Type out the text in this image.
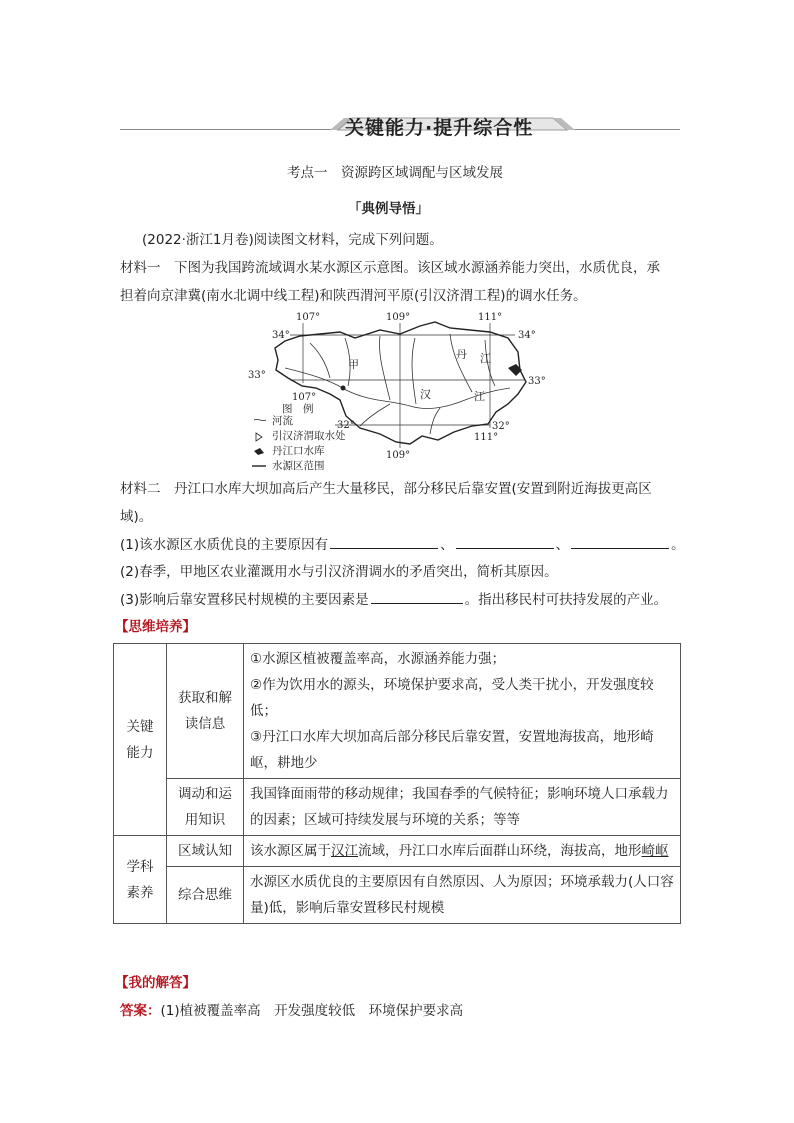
关键能力·提升综合性
考点一　资源跨区域调配与区域发展
「典例导悟」
(2022·浙江1月卷)阅读图文材料，完成下列问题。
材料一　下图为我国跨流域调水某水源区示意图。该区域水源涵养能力突出，水质优良，承
担着向京津冀(南水北调中线工程)和陕西渭河平原(引汉济渭工程)的调水任务。
107°	109°	111°
34°
33°
32°
34°
33°
32°
107°
109°
111°
甲
丹 江
汉	江
图　例
河流
引汉济渭取水处
丹江口水库
水源区范围
材料二　丹江口水库大坝加高后产生大量移民，部分移民后靠安置(安置到附近海拔更高区
域)。
(1)该水源区水质优良的主要原因有	、	、	。
(2)春季，甲地区农业灌溉用水与引汉济渭调水的矛盾突出，简析其原因。
(3)影响后靠安置移民村规模的主要因素是	。指出移民村可扶持发展的产业。
【思维培养】
关键能力	获取和解读信息	①水源区植被覆盖率高，水源涵养能力强；
②作为饮用水的源头，环境保护要求高，受人类干扰小，开发强度较低；
③丹江口水库大坝加高后部分移民后靠安置，安置地海拔高，地形崎岖，耕地少

	调动和运用知识	我国锋面雨带的移动规律；我国春季的气候特征；影响环境人口承载力的因素；区域可持续发展与环境的关系；等等
学科素养	区域认知	该水源区属于汉江流域，丹江口水库后面群山环绕，海拔高，地形崎岖
	综合思维	水源区水质优良的主要原因有自然原因、人为原因；环境承载力(人口容量)低，影响后靠安置移民村规模
【我的解答】
答案：(1)植被覆盖率高　开发强度较低　环境保护要求高
